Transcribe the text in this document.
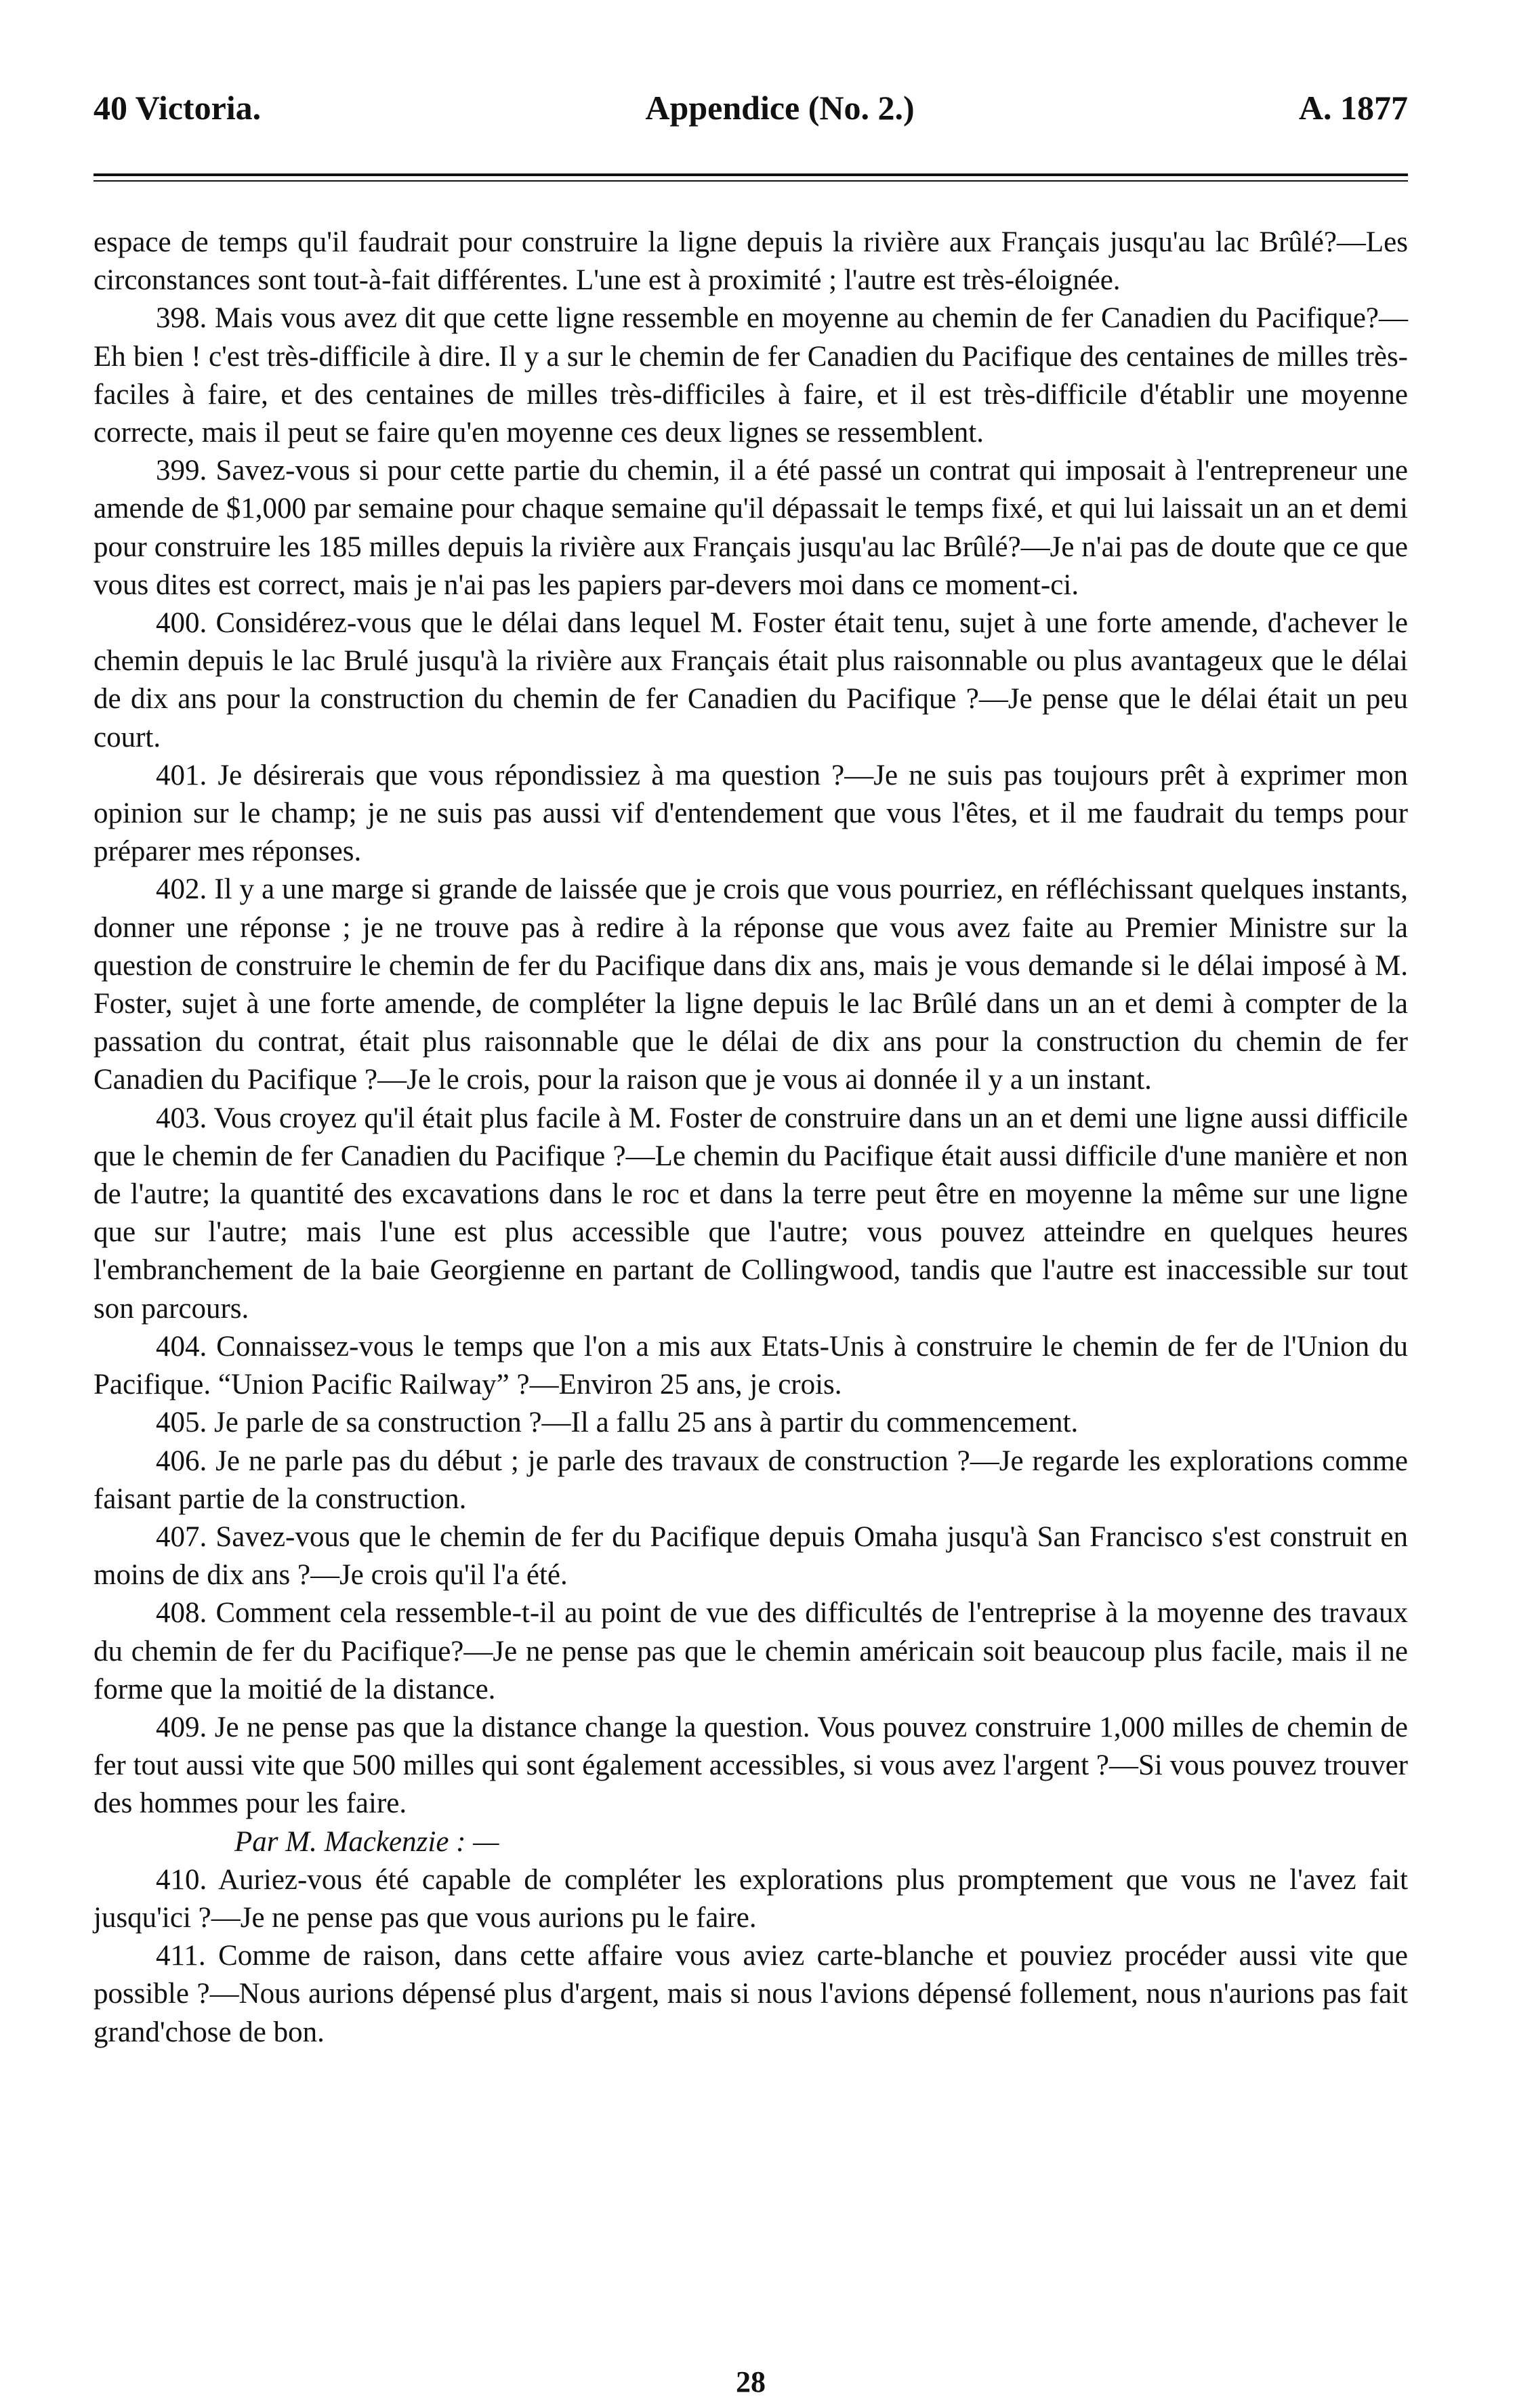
40 Victoria.	Appendice (No. 2.)	A. 1877

espace de temps qu'il faudrait pour construire la ligne depuis la rivière aux Français jusqu'au lac Brûlé?—Les circonstances sont tout-à-fait différentes. L'une est à proximité ; l'autre est très-éloignée.

398. Mais vous avez dit que cette ligne ressemble en moyenne au chemin de fer Canadien du Pacifique?—Eh bien ! c'est très-difficile à dire. Il y a sur le chemin de fer Canadien du Pacifique des centaines de milles très-faciles à faire, et des centaines de milles très-difficiles à faire, et il est très-difficile d'établir une moyenne correcte, mais il peut se faire qu'en moyenne ces deux lignes se ressemblent.

399. Savez-vous si pour cette partie du chemin, il a été passé un contrat qui imposait à l'entrepreneur une amende de $1,000 par semaine pour chaque semaine qu'il dépassait le temps fixé, et qui lui laissait un an et demi pour construire les 185 milles depuis la rivière aux Français jusqu'au lac Brûlé?—Je n'ai pas de doute que ce que vous dites est correct, mais je n'ai pas les papiers par-devers moi dans ce moment-ci.

400. Considérez-vous que le délai dans lequel M. Foster était tenu, sujet à une forte amende, d'achever le chemin depuis le lac Brulé jusqu'à la rivière aux Français était plus raisonnable ou plus avantageux que le délai de dix ans pour la construction du chemin de fer Canadien du Pacifique ?—Je pense que le délai était un peu court.

401. Je désirerais que vous répondissiez à ma question ?—Je ne suis pas toujours prêt à exprimer mon opinion sur le champ; je ne suis pas aussi vif d'entendement que vous l'êtes, et il me faudrait du temps pour préparer mes réponses.

402. Il y a une marge si grande de laissée que je crois que vous pourriez, en réfléchissant quelques instants, donner une réponse ; je ne trouve pas à redire à la réponse que vous avez faite au Premier Ministre sur la question de construire le chemin de fer du Pacifique dans dix ans, mais je vous demande si le délai imposé à M. Foster, sujet à une forte amende, de compléter la ligne depuis le lac Brûlé dans un an et demi à compter de la passation du contrat, était plus raisonnable que le délai de dix ans pour la construction du chemin de fer Canadien du Pacifique ?—Je le crois, pour la raison que je vous ai donnée il y a un instant.

403. Vous croyez qu'il était plus facile à M. Foster de construire dans un an et demi une ligne aussi difficile que le chemin de fer Canadien du Pacifique ?—Le chemin du Pacifique était aussi difficile d'une manière et non de l'autre; la quantité des excavations dans le roc et dans la terre peut être en moyenne la même sur une ligne que sur l'autre; mais l'une est plus accessible que l'autre; vous pouvez atteindre en quelques heures l'embranchement de la baie Georgienne en partant de Collingwood, tandis que l'autre est inaccessible sur tout son parcours.

404. Connaissez-vous le temps que l'on a mis aux Etats-Unis à construire le chemin de fer de l'Union du Pacifique. “Union Pacific Railway” ?—Environ 25 ans, je crois.

405. Je parle de sa construction ?—Il a fallu 25 ans à partir du commencement.

406. Je ne parle pas du début ; je parle des travaux de construction ?—Je regarde les explorations comme faisant partie de la construction.

407. Savez-vous que le chemin de fer du Pacifique depuis Omaha jusqu'à San Francisco s'est construit en moins de dix ans ?—Je crois qu'il l'a été.

408. Comment cela ressemble-t-il au point de vue des difficultés de l'entreprise à la moyenne des travaux du chemin de fer du Pacifique?—Je ne pense pas que le chemin américain soit beaucoup plus facile, mais il ne forme que la moitié de la distance.

409. Je ne pense pas que la distance change la question. Vous pouvez construire 1,000 milles de chemin de fer tout aussi vite que 500 milles qui sont également accessibles, si vous avez l'argent ?—Si vous pouvez trouver des hommes pour les faire.

Par M. Mackenzie : —

410. Auriez-vous été capable de compléter les explorations plus promptement que vous ne l'avez fait jusqu'ici ?—Je ne pense pas que vous aurions pu le faire.

411. Comme de raison, dans cette affaire vous aviez carte-blanche et pouviez procéder aussi vite que possible ?—Nous aurions dépensé plus d'argent, mais si nous l'avions dépensé follement, nous n'aurions pas fait grand'chose de bon.

28
